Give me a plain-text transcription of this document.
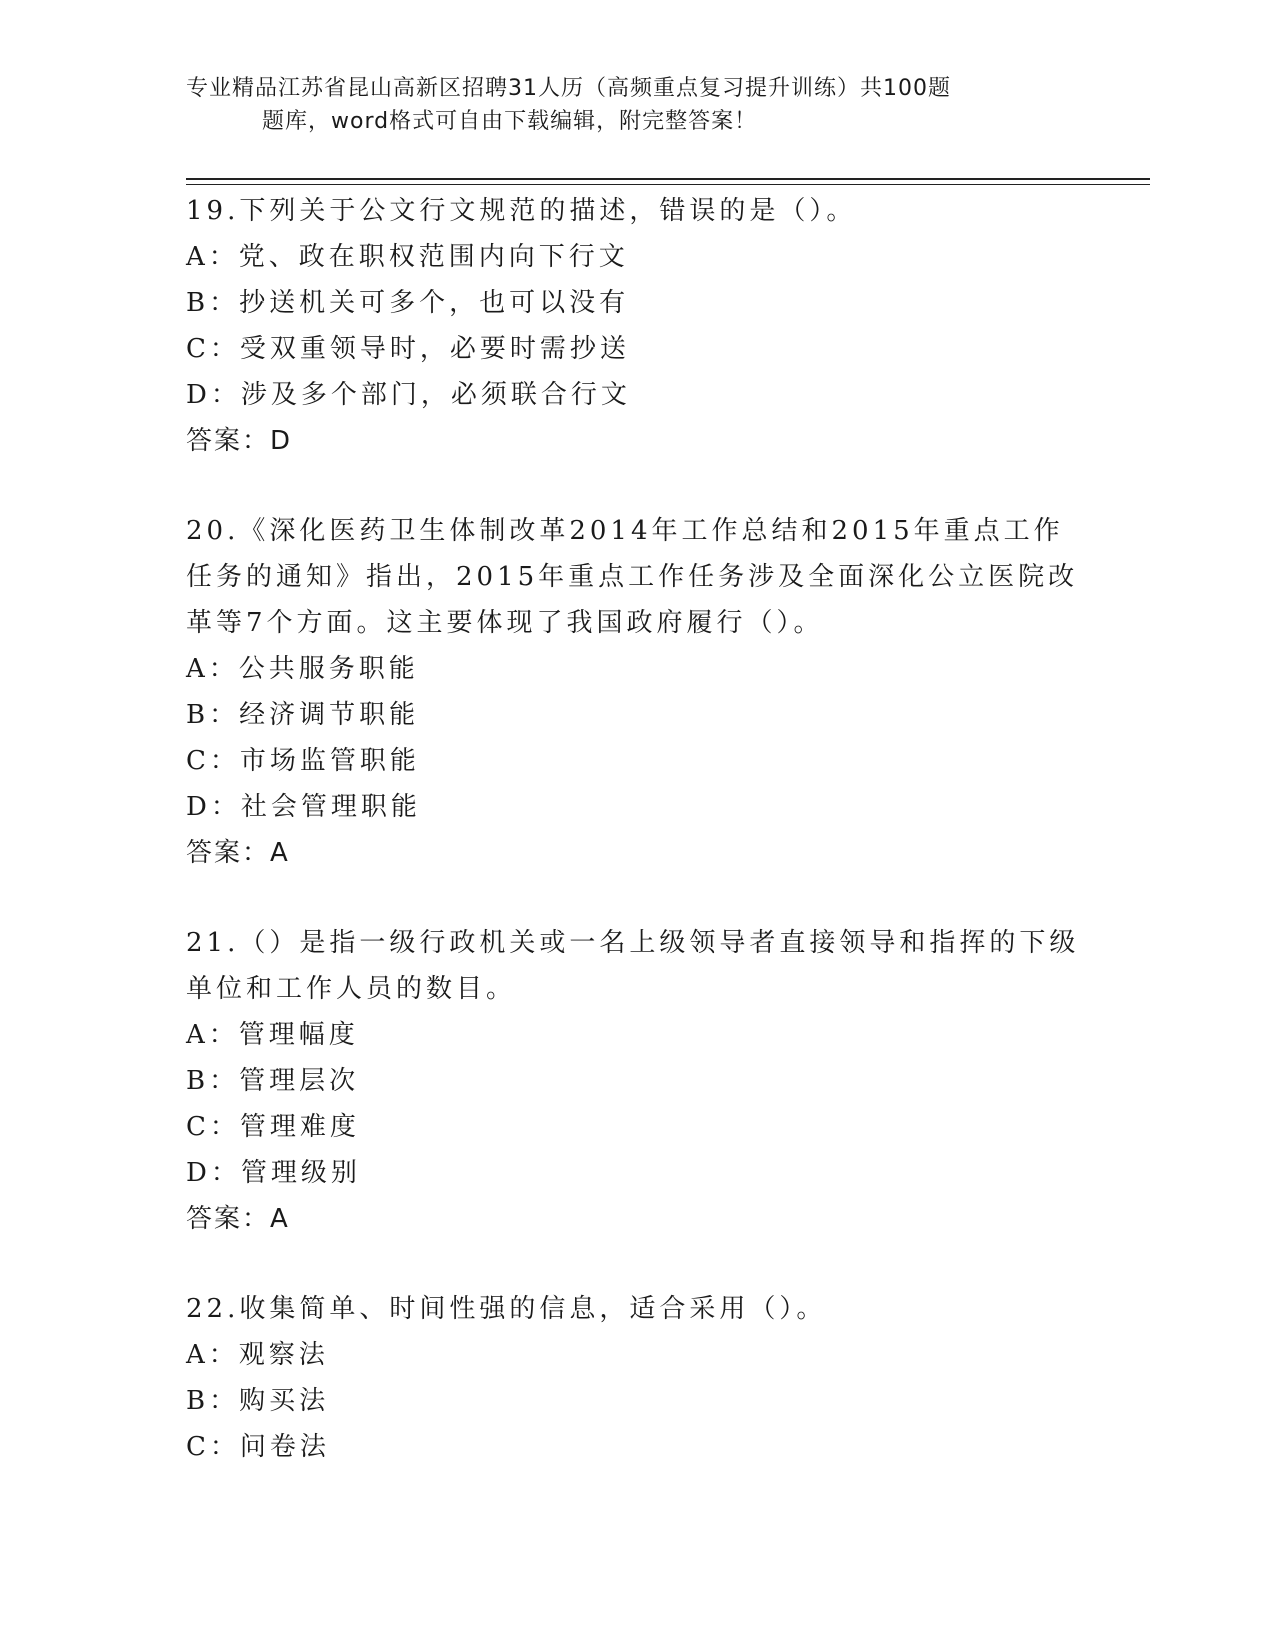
专业精品江苏省昆山高新区招聘31人历（高频重点复习提升训练）共100题
题库，word格式可自由下载编辑，附完整答案！

19.下列关于公文行文规范的描述，错误的是（）。

A：党、政在职权范围内向下行文

B：抄送机关可多个，也可以没有

C：受双重领导时，必要时需抄送

D：涉及多个部门，必须联合行文

答案：D

20.《深化医药卫生体制改革2014年工作总结和2015年重点工作任务的通知》指出，2015年重点工作任务涉及全面深化公立医院改革等7个方面。这主要体现了我国政府履行（）。

A：公共服务职能

B：经济调节职能

C：市场监管职能

D：社会管理职能

答案：A

21.（）是指一级行政机关或一名上级领导者直接领导和指挥的下级单位和工作人员的数目。

A：管理幅度

B：管理层次

C：管理难度

D：管理级别

答案：A

22.收集简单、时间性强的信息，适合采用（）。

A：观察法

B：购买法

C：问卷法
